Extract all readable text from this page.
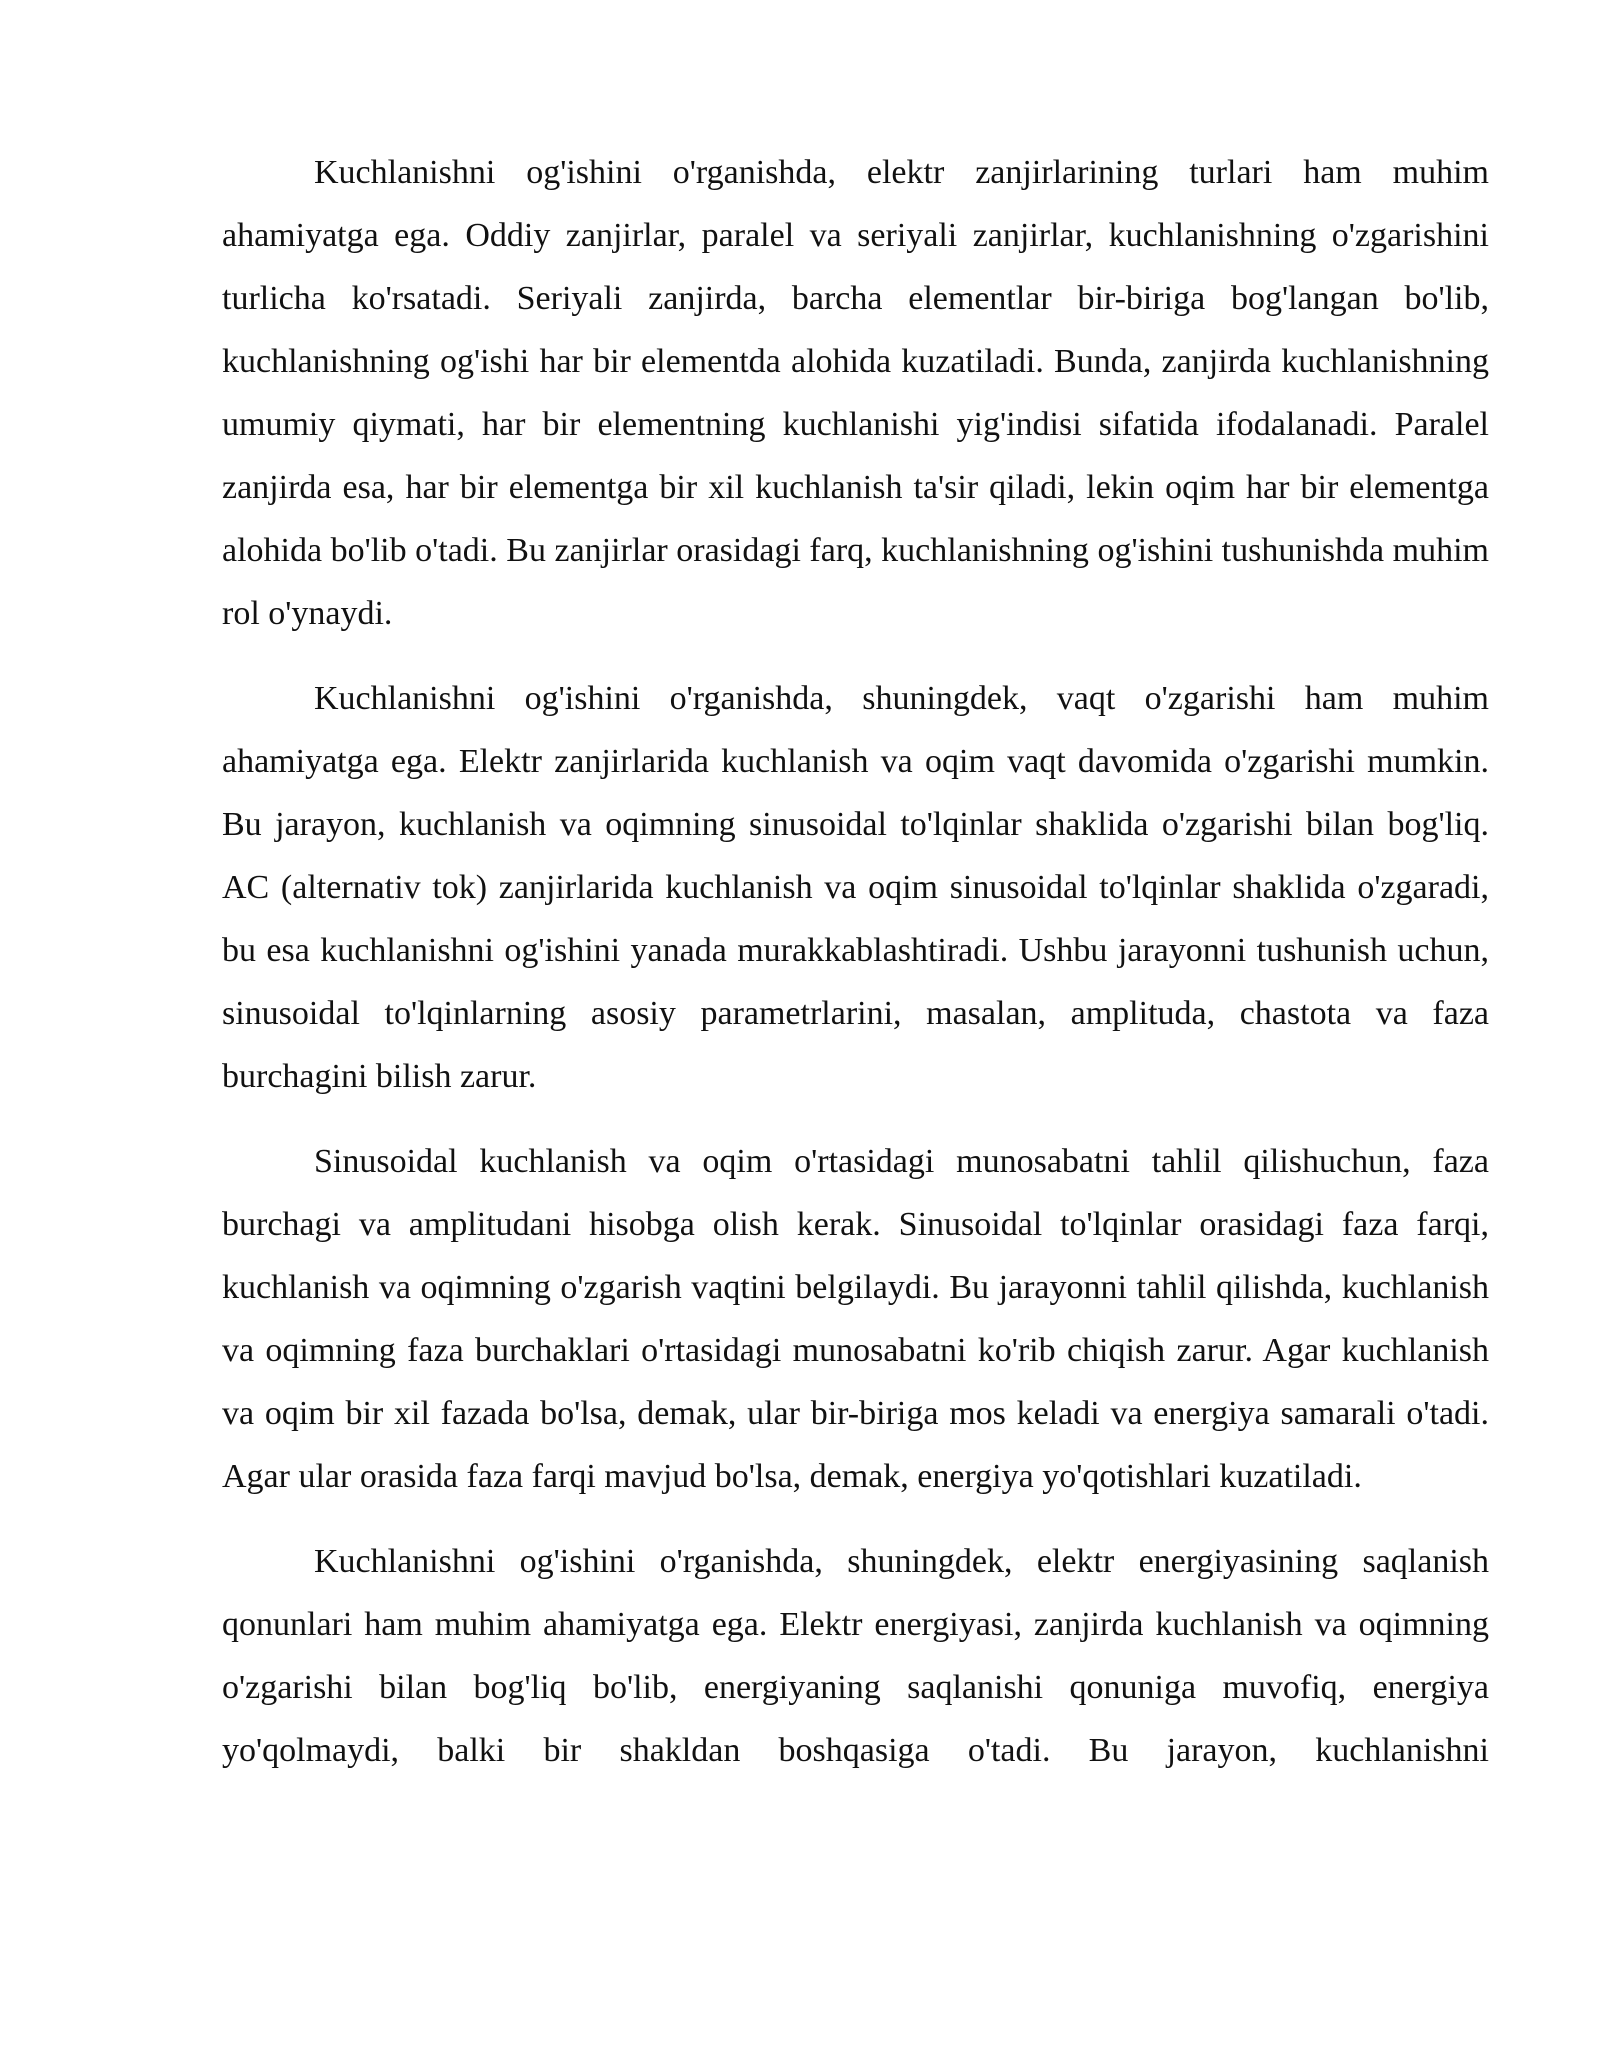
Kuchlanishni og'ishini o'rganishda, elektr zanjirlarining turlari ham muhim ahamiyatga ega. Oddiy zanjirlar, paralel va seriyali zanjirlar, kuchlanishning o'zgarishini turlicha ko'rsatadi. Seriyali zanjirda, barcha elementlar bir-biriga bog'langan bo'lib, kuchlanishning og'ishi har bir elementda alohida kuzatiladi. Bunda, zanjirda kuchlanishning umumiy qiymati, har bir elementning kuchlanishi yig'indisi sifatida ifodalanadi. Paralel zanjirda esa, har bir elementga bir xil kuchlanish ta'sir qiladi, lekin oqim har bir elementga alohida bo'lib o'tadi. Bu zanjirlar orasidagi farq, kuchlanishning og'ishini tushunishda muhim rol o'ynaydi.

Kuchlanishni og'ishini o'rganishda, shuningdek, vaqt o'zgarishi ham muhim ahamiyatga ega. Elektr zanjirlarida kuchlanish va oqim vaqt davomida o'zgarishi mumkin. Bu jarayon, kuchlanish va oqimning sinusoidal to'lqinlar shaklida o'zgarishi bilan bog'liq. AC (alternativ tok) zanjirlarida kuchlanish va oqim sinusoidal to'lqinlar shaklida o'zgaradi, bu esa kuchlanishni og'ishini yanada murakkablashtiradi. Ushbu jarayonni tushunish uchun, sinusoidal to'lqinlarning asosiy parametrlarini, masalan, amplituda, chastota va faza burchagini bilish zarur.

Sinusoidal kuchlanish va oqim o'rtasidagi munosabatni tahlil qilishuchun, faza burchagi va amplitudani hisobga olish kerak. Sinusoidal to'lqinlar orasidagi faza farqi, kuchlanish va oqimning o'zgarish vaqtini belgilaydi. Bu jarayonni tahlil qilishda, kuchlanish va oqimning faza burchaklari o'rtasidagi munosabatni ko'rib chiqish zarur. Agar kuchlanish va oqim bir xil fazada bo'lsa, demak, ular bir-biriga mos keladi va energiya samarali o'tadi. Agar ular orasida faza farqi mavjud bo'lsa, demak, energiya yo'qotishlari kuzatiladi.

Kuchlanishni og'ishini o'rganishda, shuningdek, elektr energiyasining saqlanish qonunlari ham muhim ahamiyatga ega. Elektr energiyasi, zanjirda kuchlanish va oqimning o'zgarishi bilan bog'liq bo'lib, energiyaning saqlanishi qonuniga muvofiq, energiya yo'qolmaydi, balki bir shakldan boshqasiga o'tadi. Bu jarayon, kuchlanishni
